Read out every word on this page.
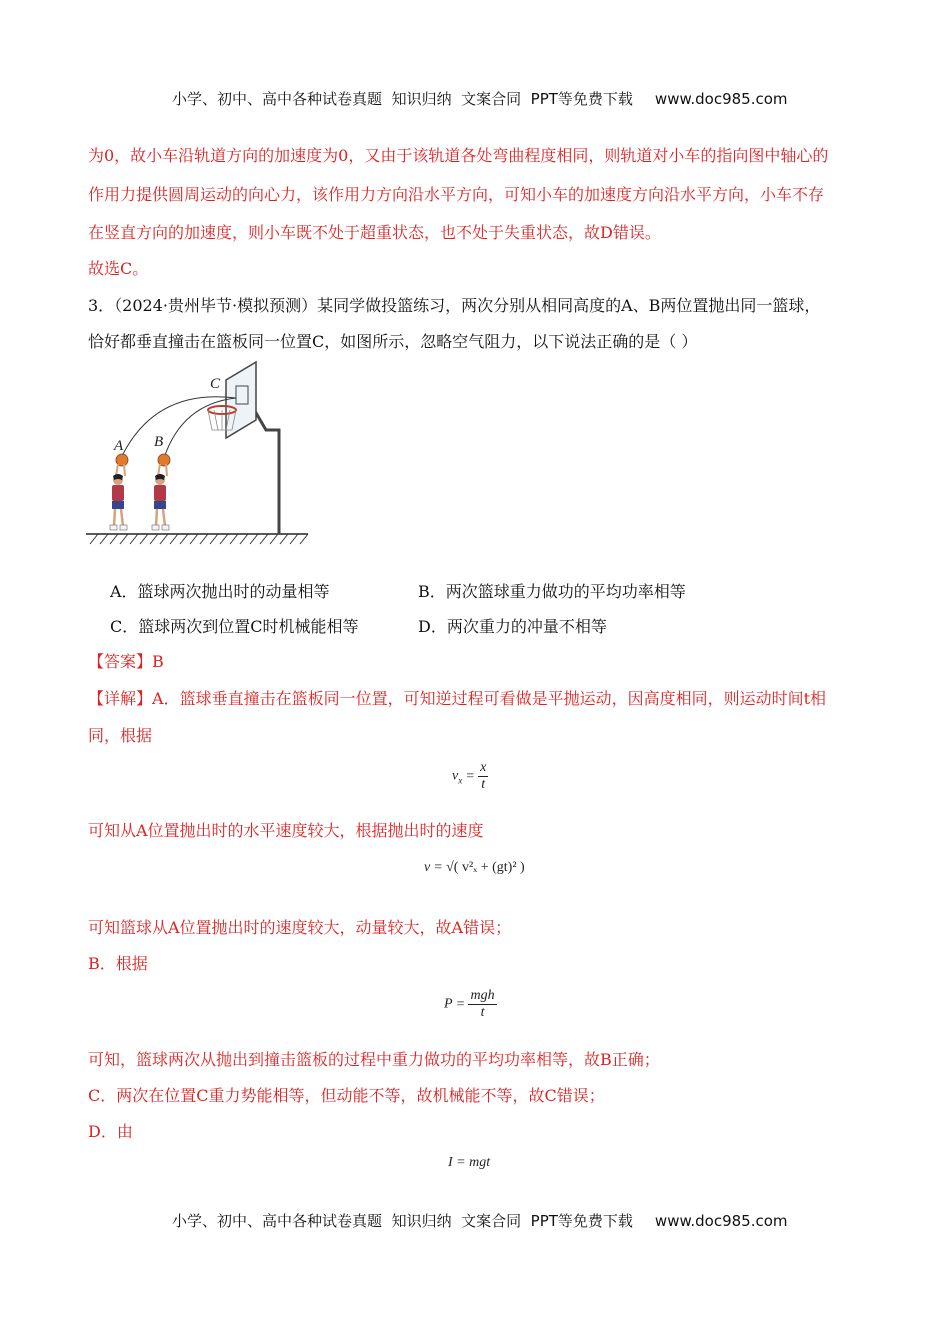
小学、初中、高中各种试卷真题  知识归纳  文案合同  PPT等免费下载 www.doc985.com

为0，故小车沿轨道方向的加速度为0，又由于该轨道各处弯曲程度相同，则轨道对小车的指向图中轴心的
作用力提供圆周运动的向心力，该作用力方向沿水平方向，可知小车的加速度方向沿水平方向，小车不存
在竖直方向的加速度，则小车既不处于超重状态，也不处于失重状态，故D错误。
故选C。
3．（2024·贵州毕节·模拟预测）某同学做投篮练习，两次分别从相同高度的A、B两位置抛出同一篮球，
恰好都垂直撞击在篮板同一位置C，如图所示，忽略空气阻力，以下说法正确的是（ ）
C
A B
A．篮球两次抛出时的动量相等	B．两次篮球重力做功的平均功率相等
C．篮球两次到位置C时机械能相等	D．两次重力的冲量不相等
【答案】B
【详解】A．篮球垂直撞击在篮板同一位置，可知逆过程可看做是平抛运动，因高度相同，则运动时间t相
同，根据
$v_x = \frac{x}{t}$
可知从A位置抛出时的水平速度较大，根据抛出时的速度
v = √( v²ₓ + (gt)² )
可知篮球从A位置抛出时的速度较大，动量较大，故A错误；
B．根据
$P = \frac{\text{mgh}}{t}$
可知，篮球两次从抛出到撞击篮板的过程中重力做功的平均功率相等，故B正确；
C．两次在位置C重力势能相等，但动能不等，故机械能不等，故C错误；
D．由
I = mgt

小学、初中、高中各种试卷真题  知识归纳  文案合同  PPT等免费下载 www.doc985.com
